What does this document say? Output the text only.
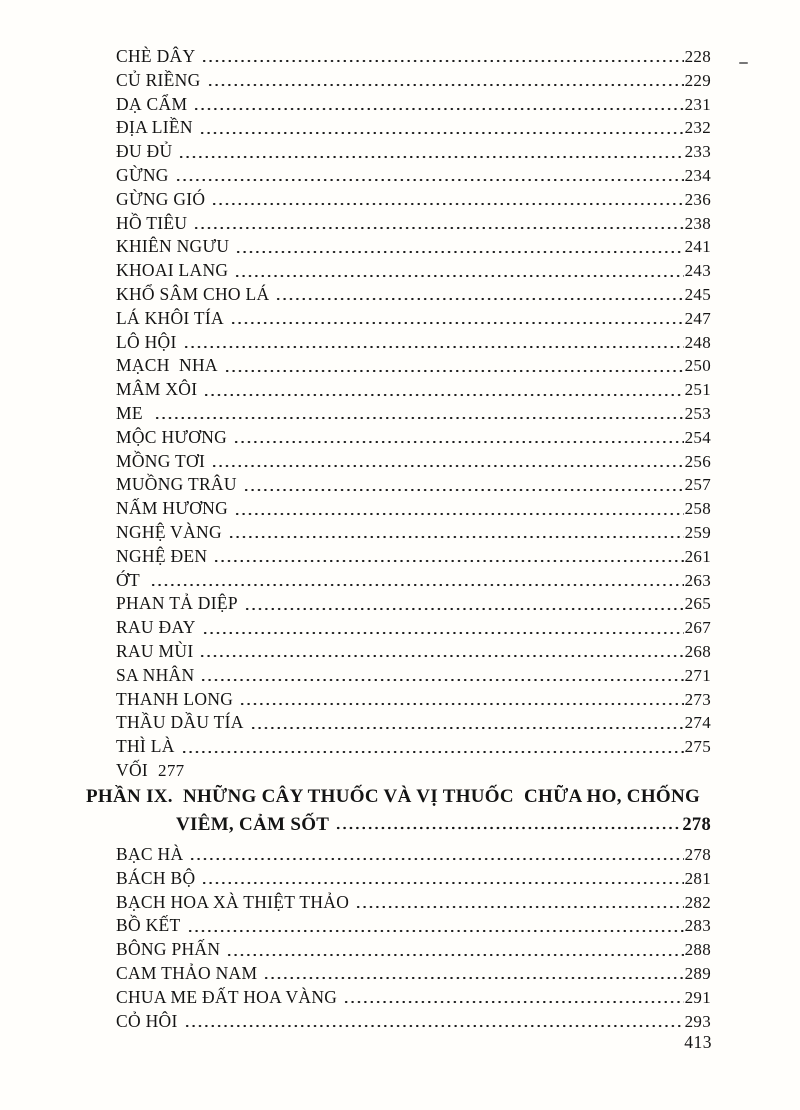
CHÈ DÂY	228
CỦ RIỀNG	229
DẠ CẨM	231
ĐỊA LIỀN	232
ĐU ĐỦ	233
GỪNG	234
GỪNG GIÓ	236
HỒ TIÊU	238
KHIÊN NGƯU	241
KHOAI LANG	243
KHỔ SÂM CHO LÁ	245
LÁ KHÔI TÍA	247
LÔ HỘI	248
MẠCH  NHA	250
MÂM XÔI	251
ME	253
MỘC HƯƠNG	254
MỒNG TƠI	256
MUỒNG TRÂU	257
NẤM HƯƠNG	258
NGHỆ VÀNG	259
NGHỆ ĐEN	261
ỚT	263
PHAN TẢ DIỆP	265
RAU ĐAY	267
RAU MÙI	268
SA NHÂN	271
THANH LONG	273
THẦU DẦU TÍA	274
THÌ LÀ	275
VỐI 277
PHẦN IX.  NHỮNG CÂY THUỐC VÀ VỊ THUỐC  CHỮA HO, CHỐNG
VIÊM, CẢM SỐT	278
BẠC HÀ	278
BÁCH BỘ	281
BẠCH HOA XÀ THIỆT THẢO	282
BỒ KẾT	283
BÔNG PHẤN	288
CAM THẢO NAM	289
CHUA ME ĐẤT HOA VÀNG	291
CỎ HÔI	293
413
